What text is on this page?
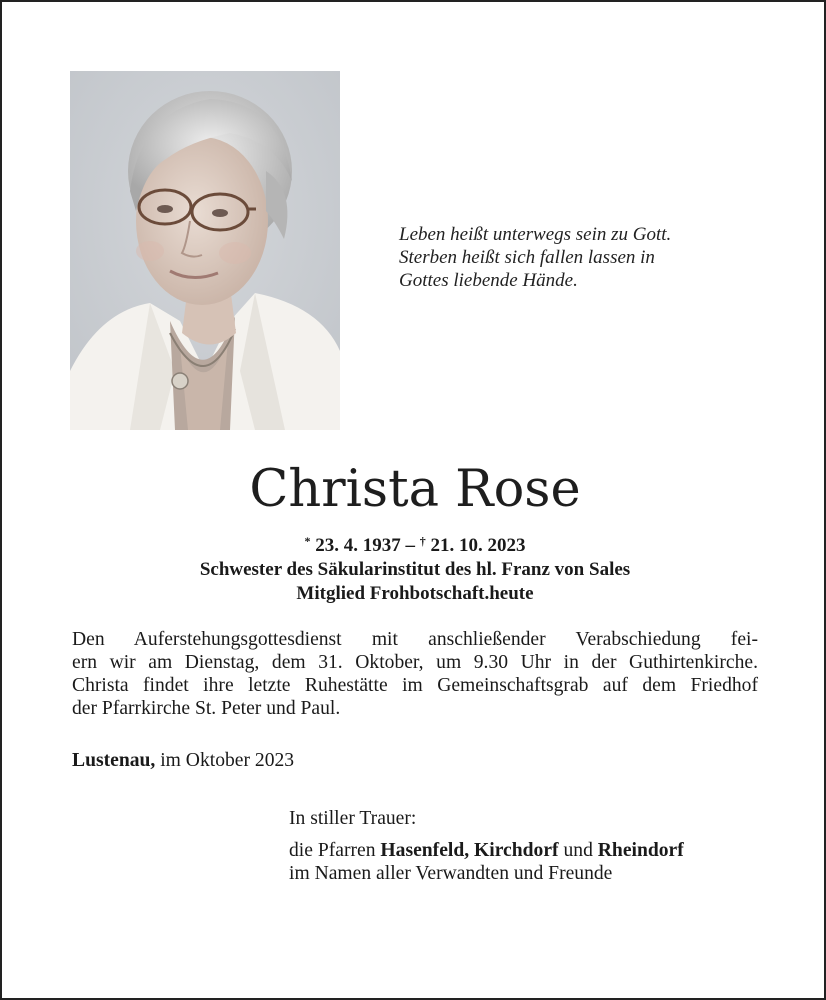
Leben heißt unterwegs sein zu Gott.
Sterben heißt sich fallen lassen in
Gottes liebende Hände.
Christa Rose
* 23. 4. 1937 – † 21. 10. 2023
Schwester des Säkularinstitut des hl. Franz von Sales
Mitglied Frohbotschaft.heute
Den Auferstehungsgottesdienst mit anschließender Verabschiedung fei-
ern wir am Dienstag, dem 31. Oktober, um 9.30 Uhr in der Guthirtenkirche.
Christa findet ihre letzte Ruhestätte im Gemeinschaftsgrab auf dem Friedhof
der Pfarrkirche St. Peter und Paul.
Lustenau, im Oktober 2023
In stiller Trauer:
die Pfarren Hasenfeld, Kirchdorf und Rheindorf
im Namen aller Verwandten und Freunde
